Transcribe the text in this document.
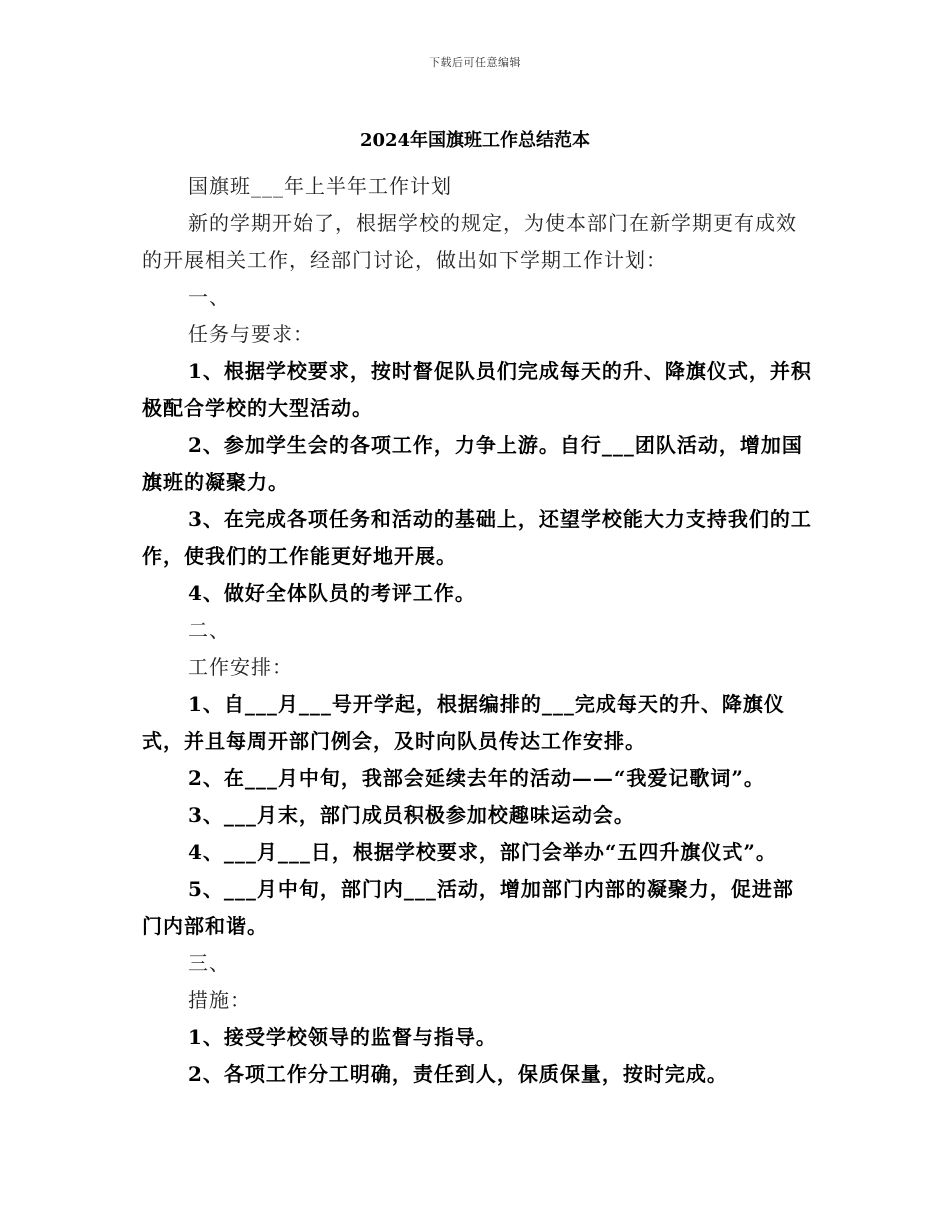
下载后可任意编辑
2024年国旗班工作总结范本

国旗班___年上半年工作计划

新的学期开始了，根据学校的规定，为使本部门在新学期更有成效的开展相关工作，经部门讨论，做出如下学期工作计划：

一、

任务与要求：

1、根据学校要求，按时督促队员们完成每天的升、降旗仪式，并积极配合学校的大型活动。

2、参加学生会的各项工作，力争上游。自行___团队活动，增加国旗班的凝聚力。

3、在完成各项任务和活动的基础上，还望学校能大力支持我们的工作，使我们的工作能更好地开展。

4、做好全体队员的考评工作。

二、

工作安排：

1、自___月___号开学起，根据编排的___完成每天的升、降旗仪式，并且每周开部门例会，及时向队员传达工作安排。

2、在___月中旬，我部会延续去年的活动——“我爱记歌词”。

3、___月末，部门成员积极参加校趣味运动会。

4、___月___日，根据学校要求，部门会举办“五四升旗仪式”。

5、___月中旬，部门内___活动，增加部门内部的凝聚力，促进部门内部和谐。

三、

措施：

1、接受学校领导的监督与指导。

2、各项工作分工明确，责任到人，保质保量，按时完成。
